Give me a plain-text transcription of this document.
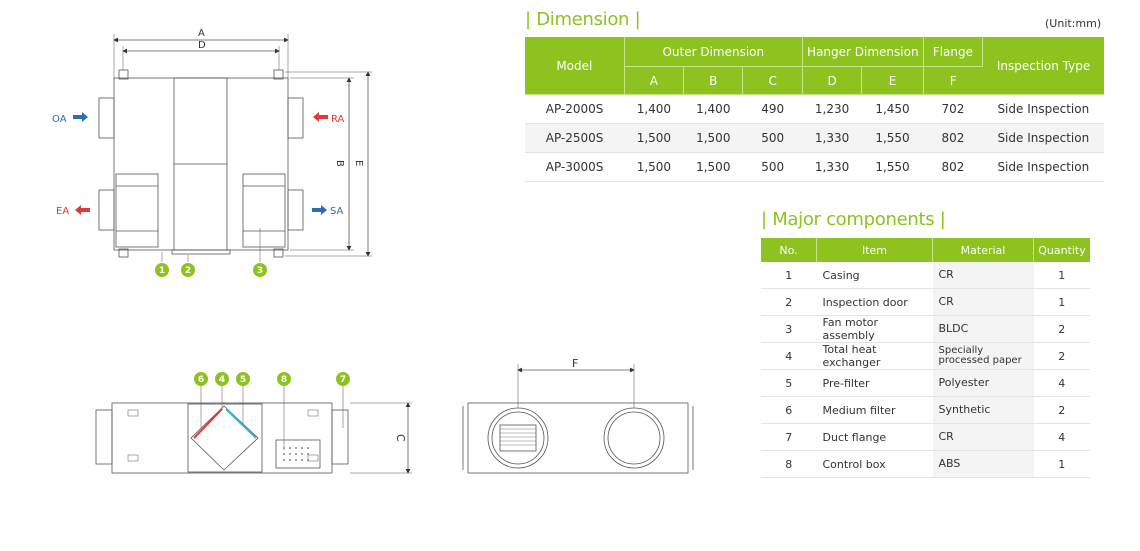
A
D
B E
OA	RA
EA	SA
1 2	3
C
6 4 5	8	7
F
| Dimension |	(Unit:mm)
Model	Outer Dimension			Hanger Dimension		Flange	Inspection Type
	A	B	C	D	E	F	
AP-2000S	1,400	1,400	490	1,230	1,450	702	Side Inspection
AP-2500S	1,500	1,500	500	1,330	1,550	802	Side Inspection
AP-3000S	1,500	1,500	500	1,330	1,550	802	Side Inspection
| Major components |
No.	Item	Material	Quantity
1	Casing	CR	1
2	Inspection door	CR	1
3	Fan motor assembly	BLDC	2
4	Total heat exchanger	Specially processed paper	2
5	Pre-filter	Polyester	4
6	Medium filter	Synthetic	2
7	Duct flange	CR	4
8	Control box	ABS	1
